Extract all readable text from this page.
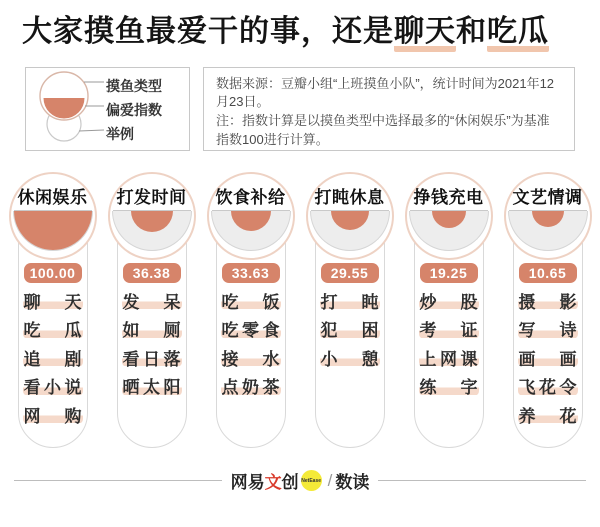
大家摸鱼最爱干的事，还是聊天和吃瓜
摸鱼类型
偏爱指数
举例
数据来源：豆瓣小组“上班摸鱼小队”，统计时间为2021年12月23日。
注：指数计算是以摸鱼类型中选择最多的“休闲娱乐”为基准指数100进行计算。
休闲娱乐
100.00
聊 天
吃 瓜
追 剧
看 小 说
网 购
打发时间
36.38
发 呆
如 厕
看 日 落
晒 太 阳
饮食补给
33.63
吃 饭
吃 零 食
接 水
点 奶 茶
打盹休息
29.55
打 盹
犯 困
小 憩
挣钱充电
19.25
炒 股
考 证
上 网 课
练 字
文艺情调
10.65
摄 影
写 诗
画 画
飞 花 令
养 花
网易 文 创 NetEase / 数读
